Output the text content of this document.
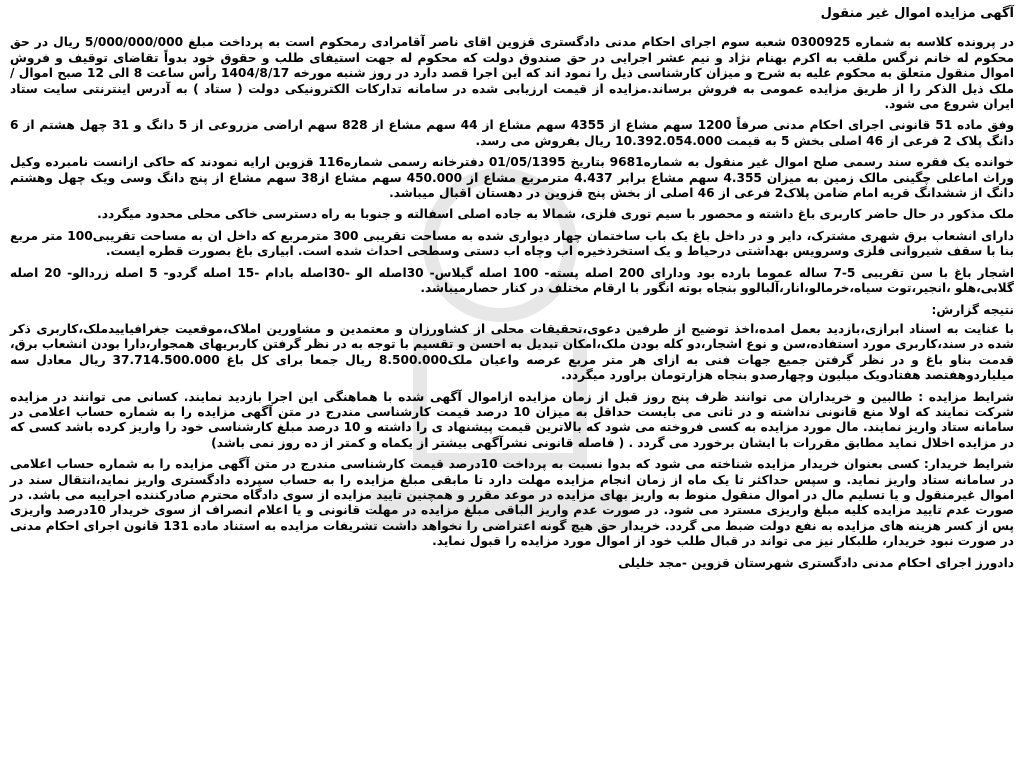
آگهی مزایده اموال غیر منقول
در پرونده کلاسه به شماره 0300925 شعبه سوم اجرای احکام مدنی دادگستری قزوین اقای ناصر آقامرادی رمحکوم است به پرداخت مبلغ 5/000/000/000 ریال در حق محکوم له خانم نرگس ملقب به اکرم بهنام نژاد و نیم عشر اجرایی در حق صندوق دولت که محکوم له جهت استیفای طلب و حقوق خود بدواً تقاضای توقیف و فروش اموال منقول متعلق به محکوم علیه به شرح و میزان کارشناسی ذیل را نمود اند که این اجرا قصد دارد در روز شنبه مورخه 1404/8/17 رأس ساعت 8 الی 12 صبح اموال / ملک ذیل الذکر را از طریق مزایده عمومی به فروش برساند.مزایده از قیمت ارزیابی شده در سامانه تدارکات الکترونیکی دولت ( ستاد ) به آدرس اینترنتی سایت ستاد ایران شروع می شود.
وفق ماده 51 قانونی اجرای احکام مدنی صرفاً 1200 سهم مشاع از 4355 سهم مشاع از 44 سهم مشاع از 828 سهم اراضی مزروعی از 5 دانگ و 31 چهل هشتم از 6 دانگ پلاک 2 فرعی از 46 اصلی بخش 5 به قیمت 10.392.054.000 ریال بفروش می رسد.
خوانده یک فقره سند رسمی صلح اموال غیر منقول به شماره9681 بتاریخ 01/05/1395 دفترخانه رسمی شماره116 قزوین ارایه نمودند که حاکی ازانست نامبرده وکیل وراث اماعلی چگینی مالک زمین به میزان 4.355 سهم مشاع برابر 4.437 مترمربع مشاع از 450.000 سهم مشاع از38 سهم مشاع از پنج دانگ وسی ویک چهل وهشتم دانگ از ششدانگ قریه امام ضامن پلاک2 فرعی از 46 اصلی از بخش پنج قزوین در دهستان اقبال میباشد.
ملک مذکور در حال حاضر کاربری باغ داشته و محصور با سیم توری فلزی، شمالا به جاده اصلی اسفالته و جنوبا به راه دسترسی خاکی محلی محدود میگردد.
دارای انشعاب برق شهری مشترک، دایر و در داخل باغ یک باب ساختمان چهار دیواری شده به مساحت تقریبی 300 مترمربع که داخل ان به مساحت تقریبی100 متر مربع بنا با سقف شیروانی فلزی وسرویس بهداشتی درحیاط و یک استخرذخیره اب وچاه اب دستی وسطحی احداث شده است. ابیاری باغ بصورت قطره ایست.
اشجار باغ با سن تقریبی 5-7 ساله عموما بارده بود ودارای 200 اصله پسته- 100 اصله گیلاس- 30اصله الو -30اصله بادام -15 اصله گردو- 5 اصله زردالو- 20 اصله گلابی،هلو ،انجیر،توت سیاه،خرمالو،انار،آلبالوو بنجاه بوته انگور با ارقام مختلف در کنار حصارمیباشد.
نتیجه گزارش:
با عنایت به اسناد ابرازی،بازدید بعمل امده،اخذ توضیح از طرفین دعوی،تحقیقات محلی از کشاورزان و معتمدین و مشاورین املاک،موقعیت جغرافیاییدملک،کاربری ذکر شده در سند،کاربری مورد استفاده،سن و نوع اشجار،دو کله بودن ملک،امکان تبدیل به احسن و تقسیم با توجه به در نظر گرفتن کاربریهای همجوار،دارا بودن انشعاب برق، قدمت بناو باغ و در نظر گرفتن جمیع جهات فنی به ازای هر متر مربع عرصه واعیان ملک8.500.000 ریال جمعا برای کل باغ 37.714.500.000 ریال معادل سه میلیاردوهفتصد هفتادویک میلیون وچهارصدو بنجاه هزارتومان براورد میگردد.
شرایط مزایده : طالبین و خریداران می توانند ظرف پنج روز قبل از زمان مزایده ازاموال آگهی شده با هماهنگی این اجرا بازدید نمایند. کسانی می توانند در مزایده شرکت نمایند که اولا منع قانونی نداشته و در ثانی می بایست حداقل به میزان 10 درصد قیمت کارشناسی مندرج در متن آگهی مزایده را به شماره حساب اعلامی در سامانه ستاد واریز نمایند. مال مورد مزایده به کسی فروخته می شود که بالاترین قیمت پیشنهاد ی را داشته و 10 درصد مبلغ کارشناسی خود را واریز کرده باشد کسی که در مزایده اخلال نماید مطابق مقررات با ایشان برخورد می گردد . ( فاصله قانونی نشرآگهی بیشتر از یکماه و کمتر از ده روز نمی باشد)
شرایط خریدار: کسی بعنوان خریدار مزایده شناخته می شود که بدوا نسبت به پرداخت 10درصد قیمت کارشناسی مندرج در متن آگهی مزایده را به شماره حساب اعلامی در سامانه ستاد واریز نماید. و سپس حداکثر تا یک ماه از زمان انجام مزایده مهلت دارد تا مابقی مبلغ مزایده را به حساب سپرده دادگستری واریز نماید،انتقال سند در اموال غیرمنقول و یا تسلیم مال در اموال منقول منوط به واریز بهای مزایده در موعد مقرر و همچنین تایید مزایده از سوی دادگاه محترم صادرکننده اجراییه می باشد. در صورت عدم تایید مزایده کلیه مبلغ واریزی مسترد می شود. در صورت عدم واریز الباقی مبلغ مزایده در مهلت قانونی و یا اعلام انصراف از سوی خریدار 10درصد واریزی پس از کسر هزینه های مزایده به نفع دولت ضبط می گردد. خریدار حق هیچ گونه اعتراضی را نخواهد داشت تشریفات مزایده به استناد ماده 131 قانون اجرای احکام مدنی در صورت نبود خریدار، طلبکار نیز می تواند در قبال طلب خود از اموال مورد مزایده را قبول نماید.
دادورز اجرای احکام مدنی دادگستری شهرستان قزوین -مجد خلیلی
